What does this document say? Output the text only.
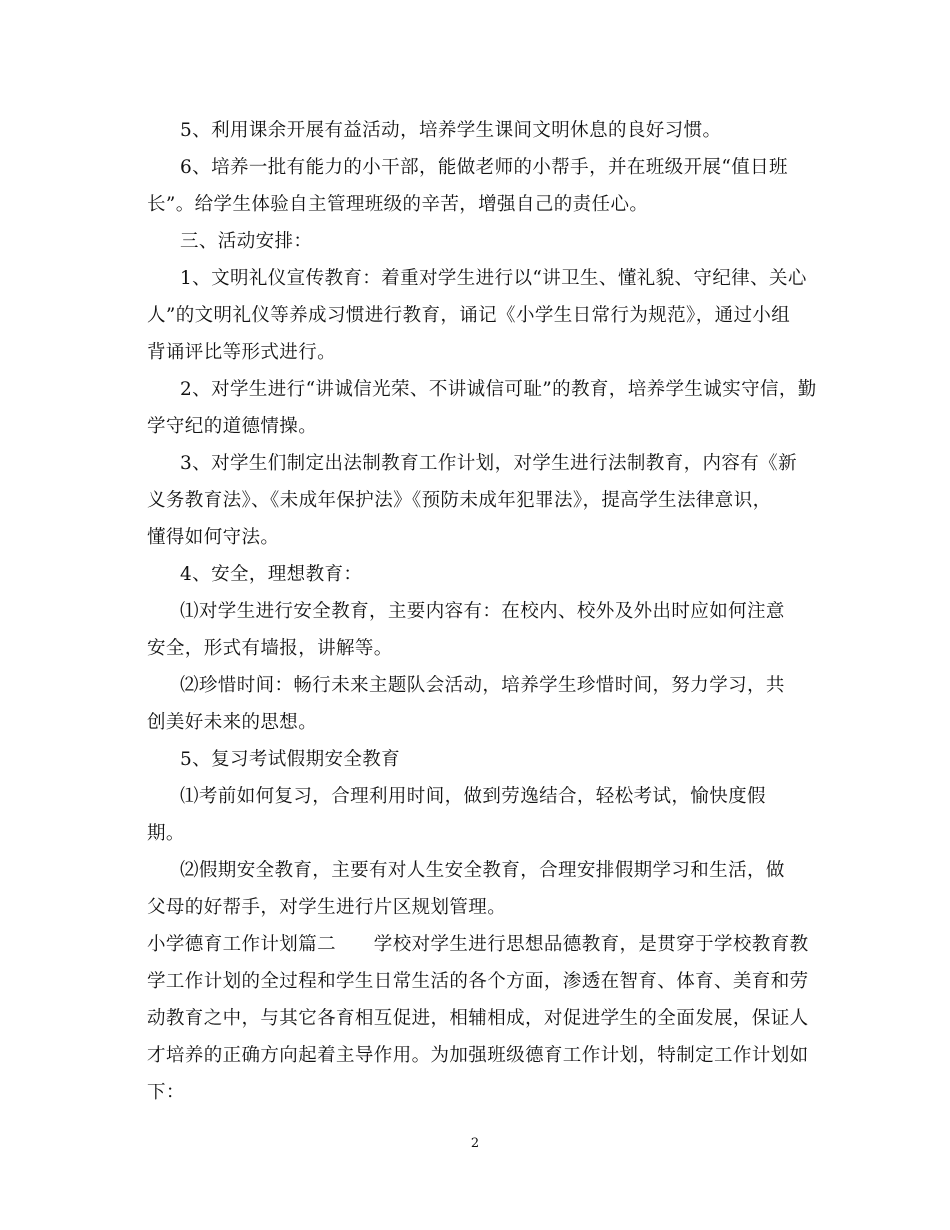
5、利用课余开展有益活动，培养学生课间文明休息的良好习惯。
6、培养一批有能力的小干部，能做老师的小帮手，并在班级开展“值日班
长”。给学生体验自主管理班级的辛苦，增强自己的责任心。
三、活动安排：
1、文明礼仪宣传教育：着重对学生进行以“讲卫生、懂礼貌、守纪律、关心
人”的文明礼仪等养成习惯进行教育，诵记《小学生日常行为规范》，通过小组
背诵评比等形式进行。
2、对学生进行“讲诚信光荣、不讲诚信可耻”的教育，培养学生诚实守信，勤
学守纪的道德情操。
3、对学生们制定出法制教育工作计划，对学生进行法制教育，内容有《新
义务教育法》、《未成年保护法》《预防未成年犯罪法》，提高学生法律意识，
懂得如何守法。
4、安全，理想教育：
⑴对学生进行安全教育，主要内容有：在校内、校外及外出时应如何注意
安全，形式有墙报，讲解等。
⑵珍惜时间：畅行未来主题队会活动，培养学生珍惜时间，努力学习，共
创美好未来的思想。
5、复习考试假期安全教育
⑴考前如何复习，合理利用时间，做到劳逸结合，轻松考试，愉快度假
期。
⑵假期安全教育，主要有对人生安全教育，合理安排假期学习和生活，做
父母的好帮手，对学生进行片区规划管理。
小学德育工作计划篇二　　学校对学生进行思想品德教育，是贯穿于学校教育教
学工作计划的全过程和学生日常生活的各个方面，渗透在智育、体育、美育和劳
动教育之中，与其它各育相互促进，相辅相成，对促进学生的全面发展，保证人
才培养的正确方向起着主导作用。为加强班级德育工作计划，特制定工作计划如
下：
2
